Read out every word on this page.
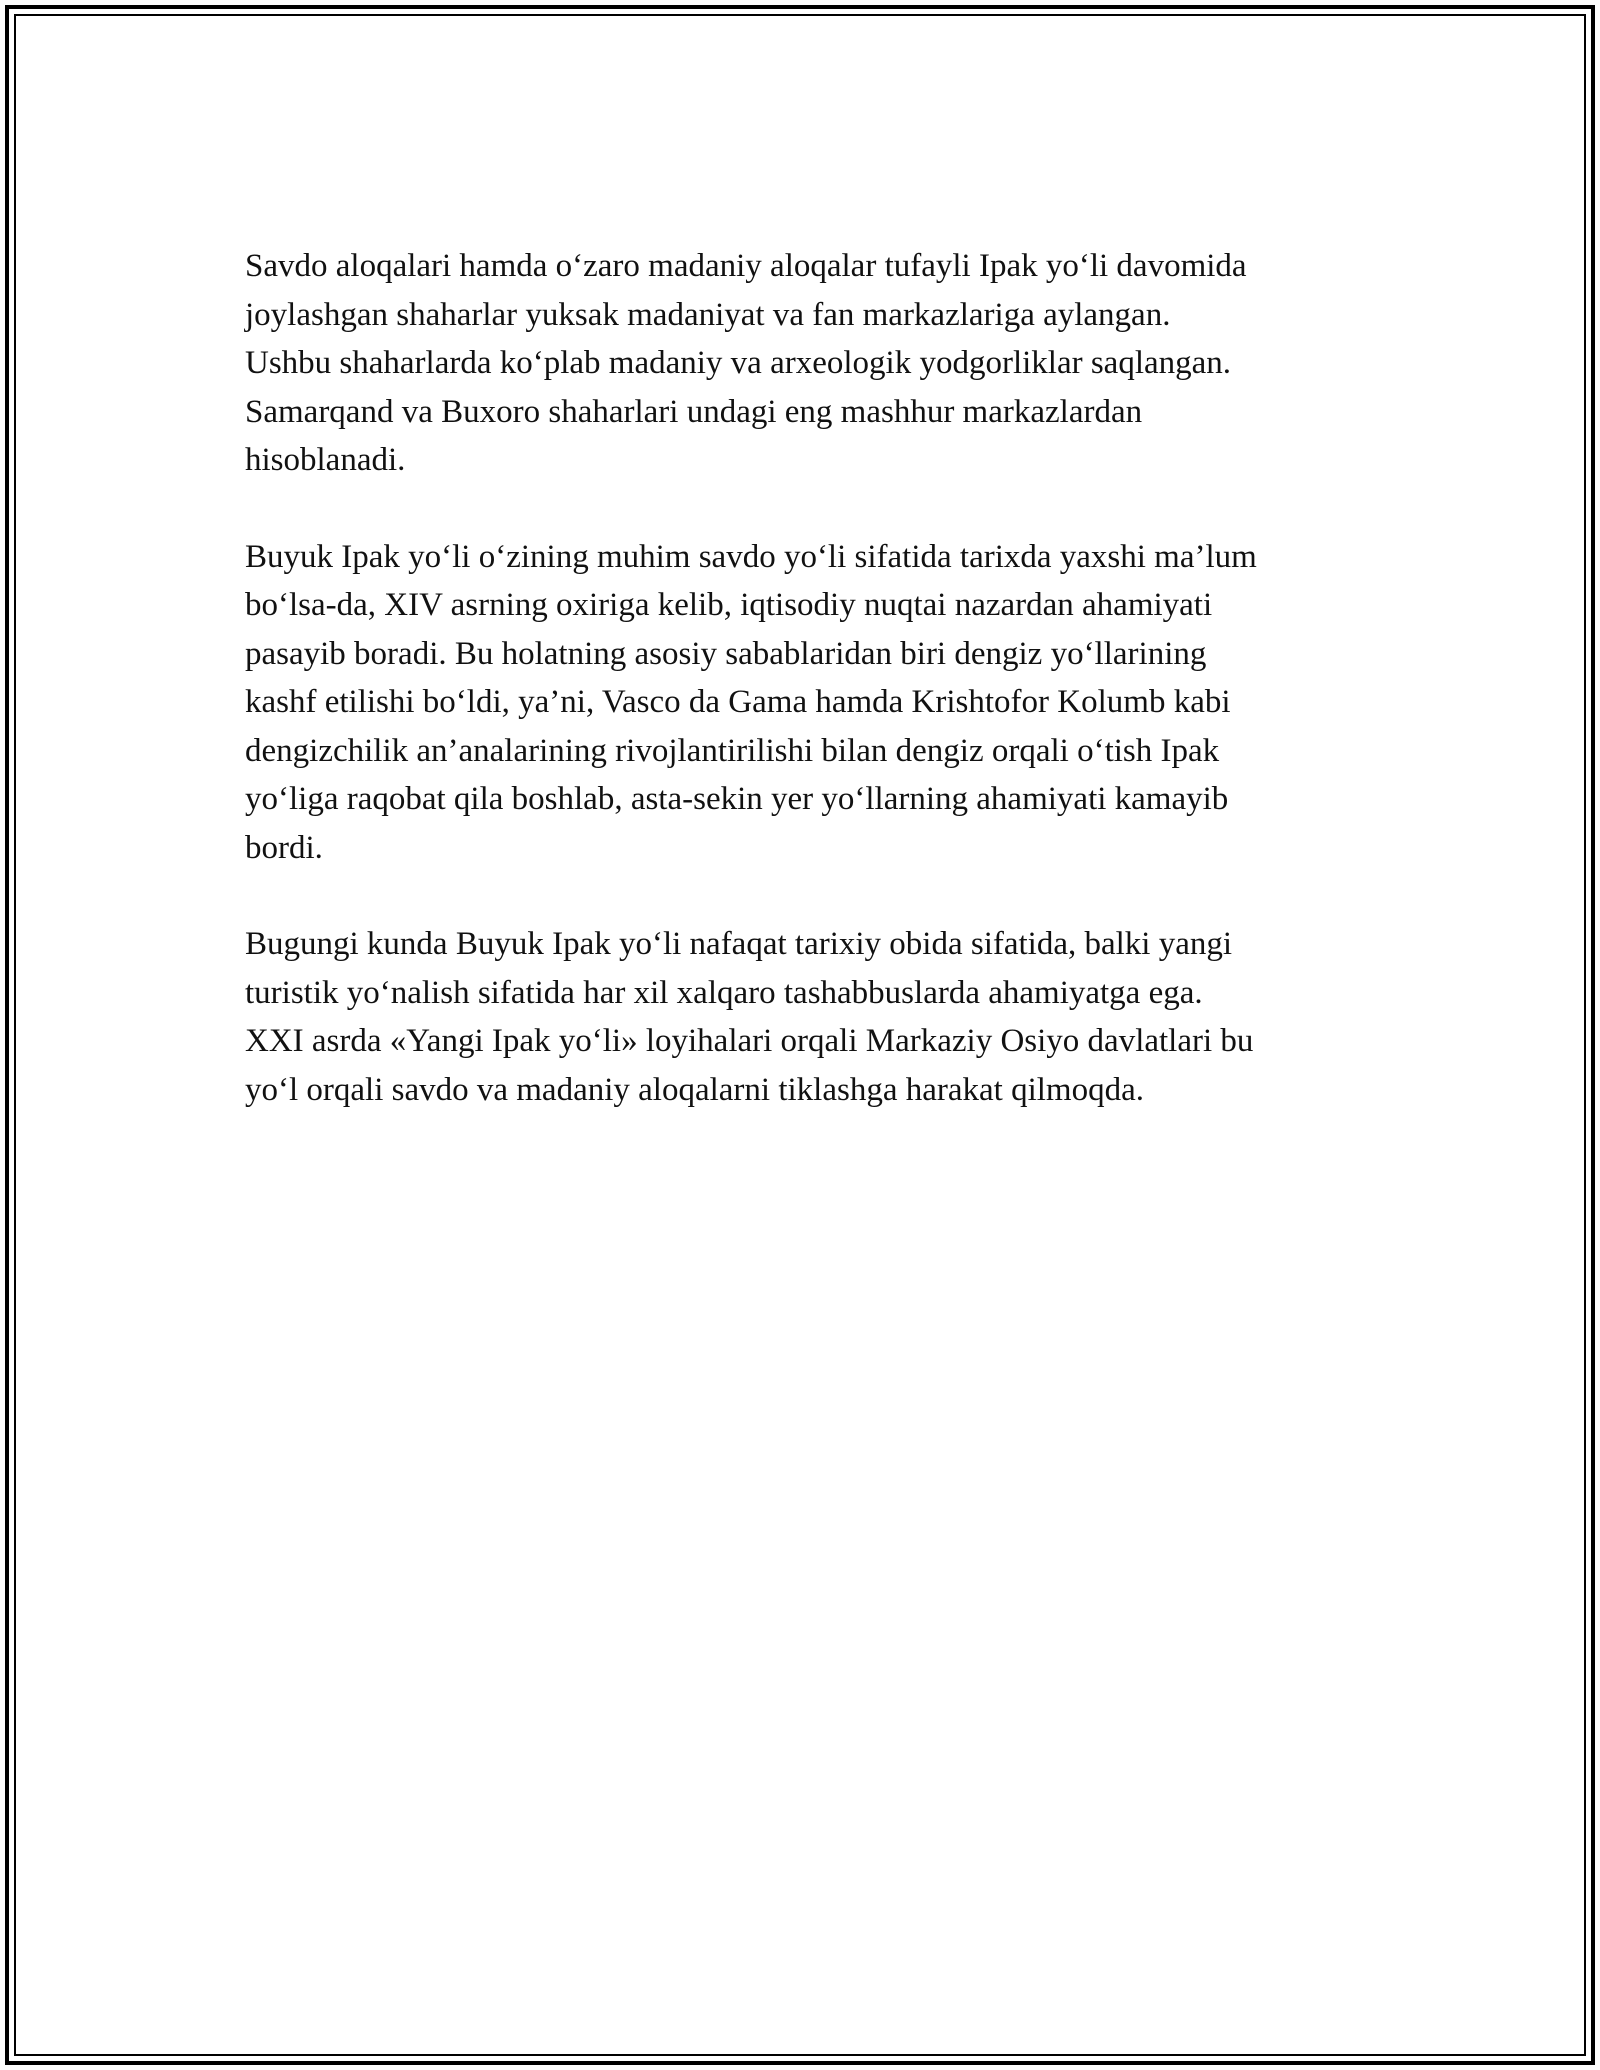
Savdo aloqalari hamda o‘zaro madaniy aloqalar tufayli Ipak yo‘li davomida
joylashgan shaharlar yuksak madaniyat va fan markazlariga aylangan.
Ushbu shaharlarda ko‘plab madaniy va arxeologik yodgorliklar saqlangan.
Samarqand va Buxoro shaharlari undagi eng mashhur markazlardan
hisoblanadi.

Buyuk Ipak yo‘li o‘zining muhim savdo yo‘li sifatida tarixda yaxshi ma’lum
bo‘lsa-da, XIV asrning oxiriga kelib, iqtisodiy nuqtai nazardan ahamiyati
pasayib boradi. Bu holatning asosiy sabablaridan biri dengiz yo‘llarining
kashf etilishi bo‘ldi, ya’ni, Vasco da Gama hamda Krishtofor Kolumb kabi
dengizchilik an’analarining rivojlantirilishi bilan dengiz orqali o‘tish Ipak
yo‘liga raqobat qila boshlab, asta-sekin yer yo‘llarning ahamiyati kamayib
bordi.

Bugungi kunda Buyuk Ipak yo‘li nafaqat tarixiy obida sifatida, balki yangi
turistik yo‘nalish sifatida har xil xalqaro tashabbuslarda ahamiyatga ega.
XXI asrda «Yangi Ipak yo‘li» loyihalari orqali Markaziy Osiyo davlatlari bu
yo‘l orqali savdo va madaniy aloqalarni tiklashga harakat qilmoqda.
